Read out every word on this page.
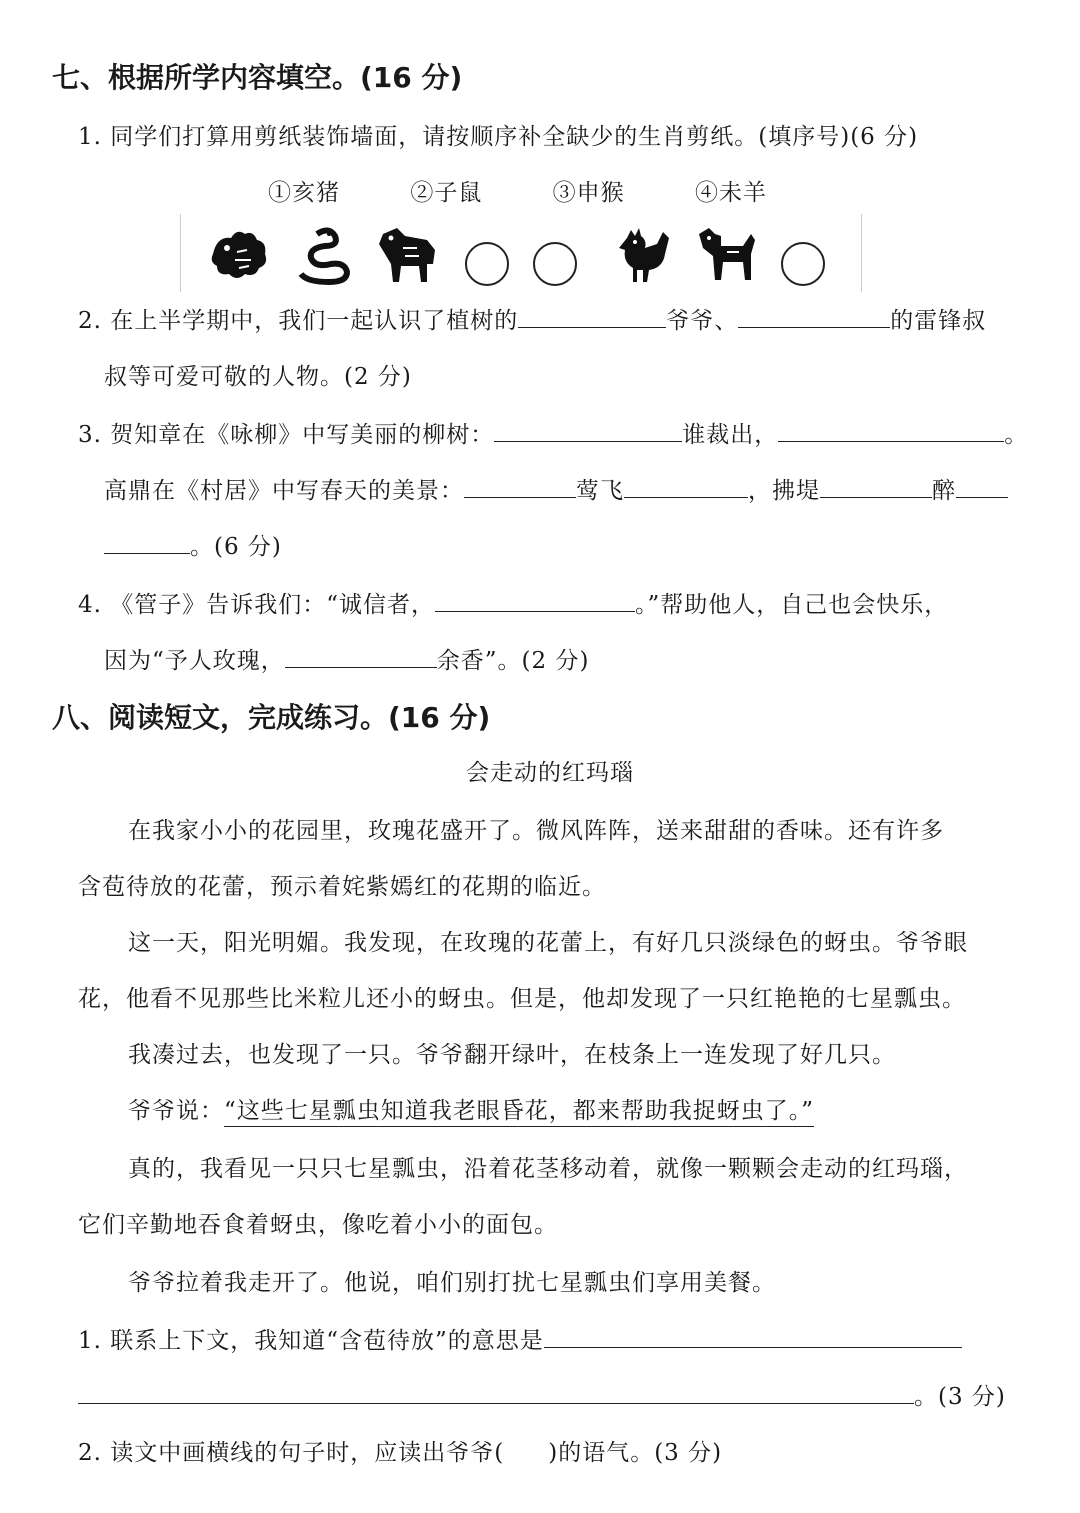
七、根据所学内容填空。(16 分)
1. 同学们打算用剪纸装饰墙面，请按顺序补全缺少的生肖剪纸。(填序号)(6 分)
①亥猪	②子鼠	③申猴	④未羊
2. 在上半学期中，我们一起认识了植树的	爷爷、	的雷锋叔
叔等可爱可敬的人物。(2 分)
3. 贺知章在《咏柳》中写美丽的柳树：	谁裁出，	。
高鼎在《村居》中写春天的美景：	莺飞	，拂堤	醉
。(6 分)
4. 《管子》告诉我们：“诚信者，	。”帮助他人，自己也会快乐，
因为“予人玫瑰，	余香”。(2 分)
八、阅读短文，完成练习。(16 分)
会走动的红玛瑙
在我家小小的花园里，玫瑰花盛开了。微风阵阵，送来甜甜的香味。还有许多
含苞待放的花蕾，预示着姹紫嫣红的花期的临近。
这一天，阳光明媚。我发现，在玫瑰的花蕾上，有好几只淡绿色的蚜虫。爷爷眼
花，他看不见那些比米粒儿还小的蚜虫。但是，他却发现了一只红艳艳的七星瓢虫。
我凑过去，也发现了一只。爷爷翻开绿叶，在枝条上一连发现了好几只。
爷爷说：“这些七星瓢虫知道我老眼昏花，都来帮助我捉蚜虫了。”
真的，我看见一只只七星瓢虫，沿着花茎移动着，就像一颗颗会走动的红玛瑙，
它们辛勤地吞食着蚜虫，像吃着小小的面包。
爷爷拉着我走开了。他说，咱们别打扰七星瓢虫们享用美餐。
1. 联系上下文，我知道“含苞待放”的意思是
。(3 分)
2. 读文中画横线的句子时，应读出爷爷( )的语气。(3 分)
